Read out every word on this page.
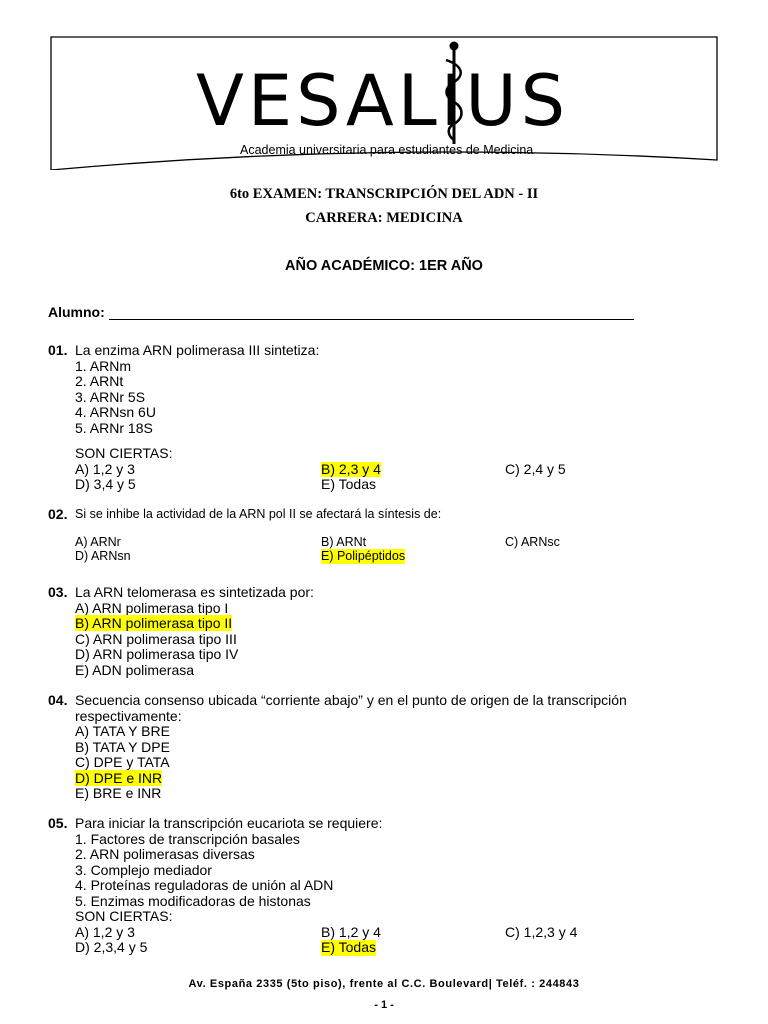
VESALIUS
Academia universitaria para estudiantes de Medicina
6to EXAMEN: TRANSCRIPCIÓN DEL ADN - II
CARRERA: MEDICINA
AÑO ACADÉMICO: 1ER AÑO
Alumno:
01. La enzima ARN polimerasa III sintetiza:
1. ARNm
2. ARNt
3. ARNr 5S
4. ARNsn 6U
5. ARNr 18S
SON CIERTAS:
A) 1,2 y 3	B) 2,3 y 4	C) 2,4 y 5
D) 3,4 y 5	E) Todas
02. Si se inhibe la actividad de la ARN pol II se afectará la síntesis de:
A) ARNr	B) ARNt	C) ARNsc
D) ARNsn	E) Polipéptidos
03. La ARN telomerasa es sintetizada por:
A) ARN polimerasa tipo I
B) ARN polimerasa tipo II
C) ARN polimerasa tipo III
D) ARN polimerasa tipo IV
E) ADN polimerasa
04. Secuencia consenso ubicada “corriente abajo” y en el punto de origen de la transcripción
respectivamente:
A) TATA Y BRE
B) TATA Y DPE
C) DPE y TATA
D) DPE e INR
E) BRE e INR
05. Para iniciar la transcripción eucariota se requiere:
1. Factores de transcripción basales
2. ARN polimerasas diversas
3. Complejo mediador
4. Proteínas reguladoras de unión al ADN
5. Enzimas modificadoras de histonas
SON CIERTAS:
A) 1,2 y 3	B) 1,2 y 4	C) 1,2,3 y 4
D) 2,3,4 y 5	E) Todas
Av. España 2335 (5to piso), frente al C.C. Boulevard| Teléf. : 244843
- 1 -
